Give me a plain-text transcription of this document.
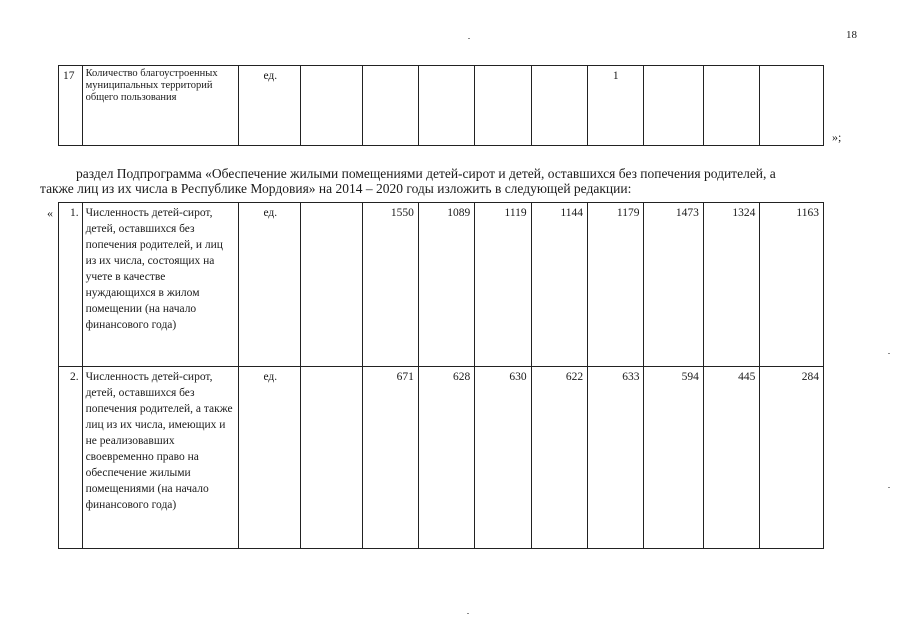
18
17	Количество благоустроенных муниципальных территорий общего пользования	ед.						1			
»;
раздел Подпрограмма «Обеспечение жилыми помещениями детей-сирот и детей, оставшихся без попечения родителей, а
также лиц из их числа в Республике Мордовия» на 2014 – 2020 годы изложить в следующей редакции:
« 1.	Численность детей-сирот, детей, оставшихся без попечения родителей, и лиц из их числа, состоящих на учете в качестве нуждающихся в жилом помещении (на начало финансового года)	ед.		1550	1089	1119	1144	1179	1473	1324	1163
2.	Численность детей-сирот, детей, оставшихся без попечения родителей, а также лиц из их числа, имеющих и не реализовавших своевременно право на обеспечение жилыми помещениями (на начало финансового года)	ед.		671	628	630	622	633	594	445	284
